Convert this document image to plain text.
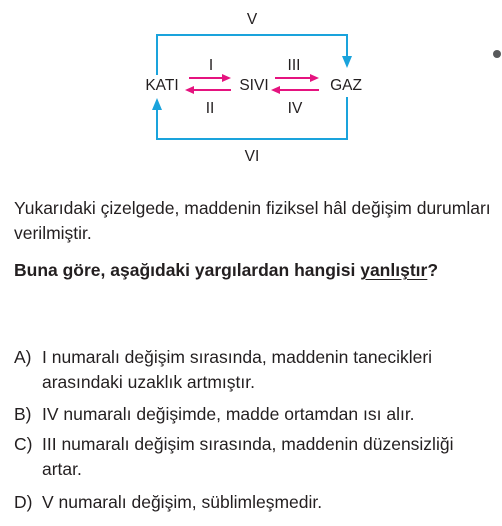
V
VI
I
II
III
IV
KATI	SIVI	GAZ
Yukarıdaki çizelgede, maddenin fiziksel hâl değişim durumları verilmiştir.
Buna göre, aşağıdaki yargılardan hangisi yanlıştır?
A) I numaralı değişim sırasında, maddenin tanecikleri arasındaki uzaklık artmıştır.
B) IV numaralı değişimde, madde ortamdan ısı alır.
C) III numaralı değişim sırasında, maddenin düzensizliği artar.
D) V numaralı değişim, süblimleşmedir.
